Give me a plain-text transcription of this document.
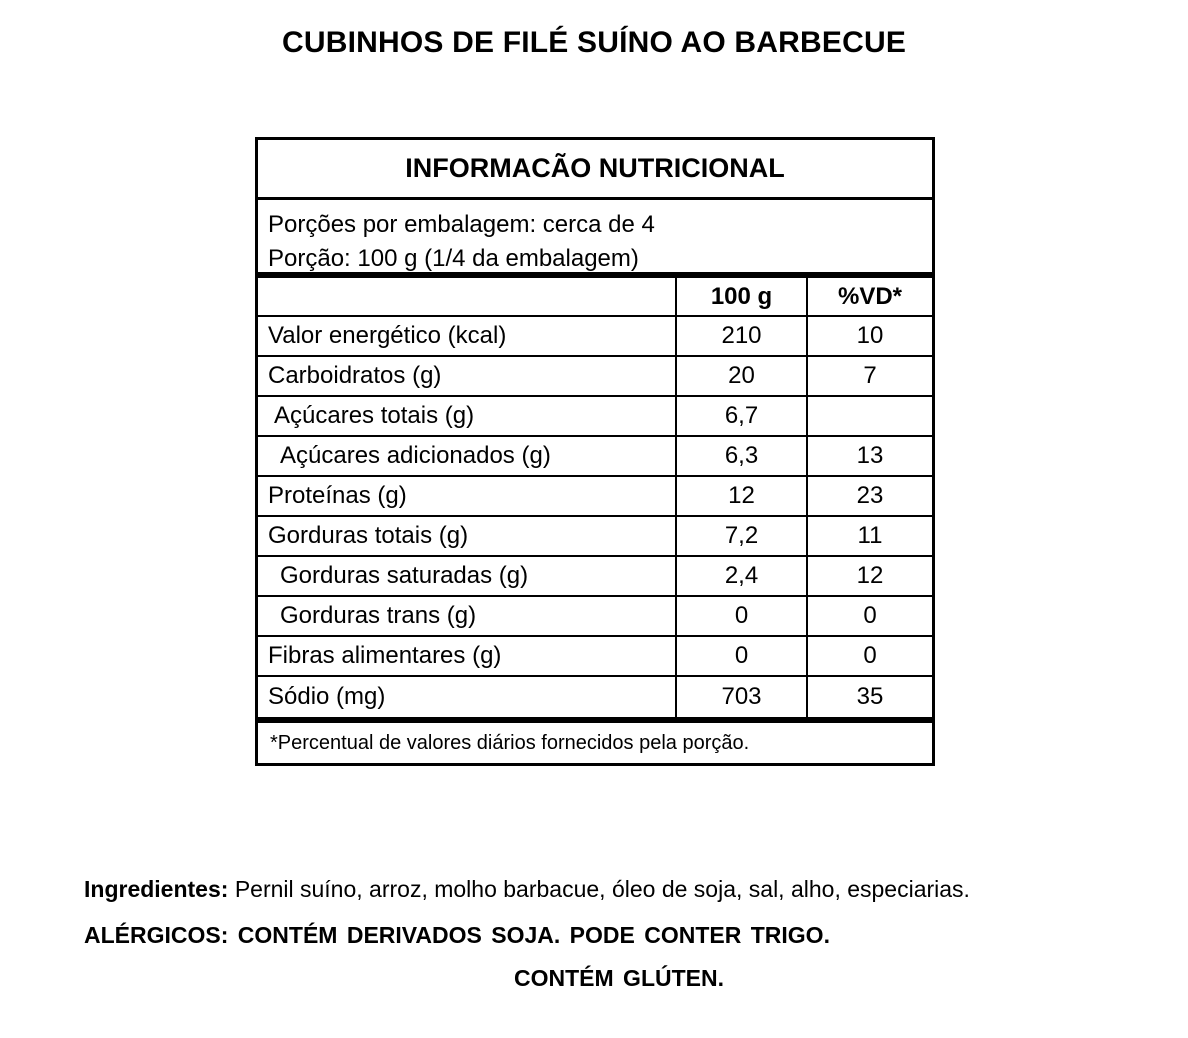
CUBINHOS DE FILÉ SUÍNO AO BARBECUE
INFORMACÃO NUTRICIONAL
Porções por embalagem: cerca de 4
Porção: 100 g (1/4 da embalagem)
	100 g	%VD*
Valor energético (kcal)	210	10
Carboidratos (g)	20	7
Açúcares totais (g)	6,7	
Açúcares adicionados (g)	6,3	13
Proteínas (g)	12	23
Gorduras totais (g)	7,2	11
Gorduras saturadas (g)	2,4	12
Gorduras trans (g)	0	0
Fibras alimentares (g)	0	0
Sódio (mg)	703	35
*Percentual de valores diários fornecidos pela porção.
Ingredientes: Pernil suíno, arroz, molho barbacue, óleo de soja, sal, alho, especiarias.
ALÉRGICOS: CONTÉM DERIVADOS SOJA. PODE CONTER TRIGO.
CONTÉM GLÚTEN.
